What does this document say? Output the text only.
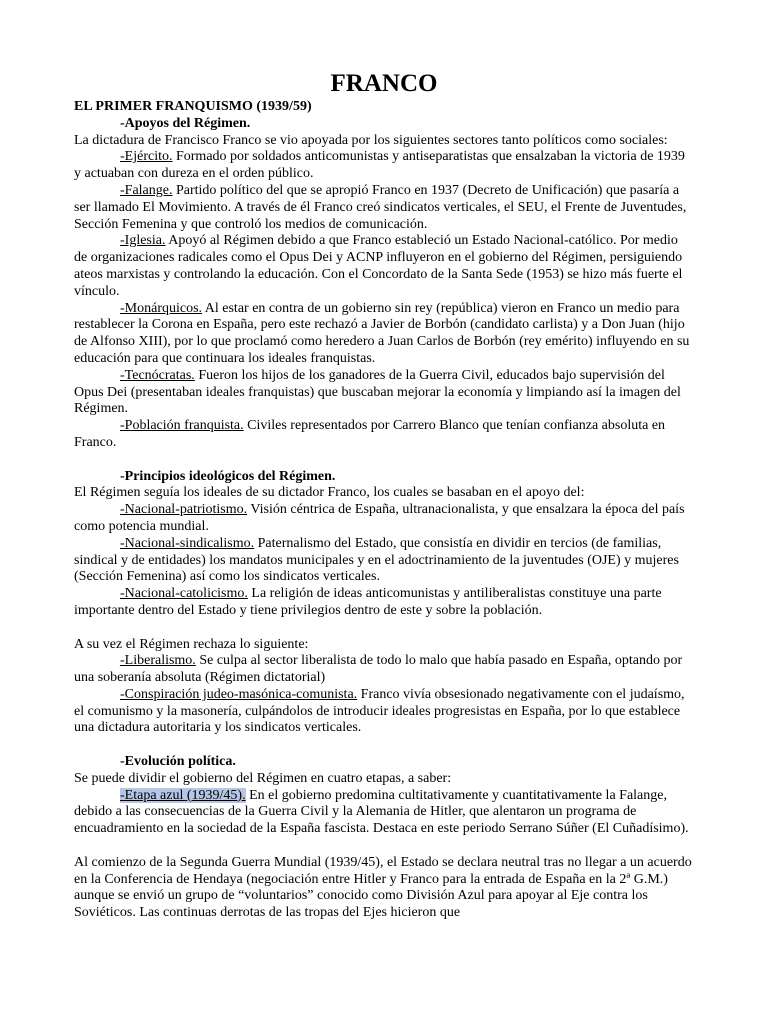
FRANCO

EL PRIMER FRANQUISMO (1939/59)

-Apoyos del Régimen.

La dictadura de Francisco Franco se vio apoyada por los siguientes sectores tanto políticos como sociales:

-Ejército. Formado por soldados anticomunistas y antiseparatistas que ensalzaban la victoria de 1939 y actuaban con dureza en el orden público.

-Falange. Partido político del que se apropió Franco en 1937 (Decreto de Unificación) que pasaría a ser llamado El Movimiento. A través de él Franco creó sindicatos verticales, el SEU, el Frente de Juventudes, Sección Femenina y que controló los medios de comunicación.

-Iglesia. Apoyó al Régimen debido a que Franco estableció un Estado Nacional-católico. Por medio de organizaciones radicales como el Opus Dei y ACNP influyeron en el gobierno del Régimen, persiguiendo ateos marxistas y controlando la educación. Con el Concordato de la Santa Sede (1953) se hizo más fuerte el vínculo.

-Monárquicos. Al estar en contra de un gobierno sin rey (república) vieron en Franco un medio para restablecer la Corona en España, pero este rechazó a Javier de Borbón (candidato carlista) y a Don Juan (hijo de Alfonso XIII), por lo que proclamó como heredero a Juan Carlos de Borbón (rey emérito) influyendo en su educación para que continuara los ideales franquistas.

-Tecnócratas. Fueron los hijos de los ganadores de la Guerra Civil, educados bajo supervisión del Opus Dei (presentaban ideales franquistas) que buscaban mejorar la economía y limpiando así la imagen del Régimen.

-Población franquista. Civiles representados por Carrero Blanco que tenían confianza absoluta en Franco.

-Principios ideológicos del Régimen.

El Régimen seguía los ideales de su dictador Franco, los cuales se basaban en el apoyo del:

-Nacional-patriotismo. Visión céntrica de España, ultranacionalista, y que ensalzara la época del país como potencia mundial.

-Nacional-sindicalismo. Paternalismo del Estado, que consistía en dividir en tercios (de familias, sindical y de entidades) los mandatos municipales y en el adoctrinamiento de la juventudes (OJE) y mujeres (Sección Femenina) así como los sindicatos verticales.

-Nacional-catolicismo. La religión de ideas anticomunistas y antiliberalistas constituye una parte importante dentro del Estado y tiene privilegios dentro de este y sobre la población.

A su vez el Régimen rechaza lo siguiente:

-Liberalismo. Se culpa al sector liberalista de todo lo malo que había pasado en España, optando por una soberanía absoluta (Régimen dictatorial)

-Conspiración judeo-masónica-comunista. Franco vivía obsesionado negativamente con el judaísmo, el comunismo y la masonería, culpándolos de introducir ideales progresistas en España, por lo que establece una dictadura autoritaria y los sindicatos verticales.

-Evolución política.

Se puede dividir el gobierno del Régimen en cuatro etapas, a saber:

-Etapa azul (1939/45). En el gobierno predomina cultitativamente y cuantitativamente la Falange, debido a las consecuencias de la Guerra Civil y la Alemania de Hitler, que alentaron un programa de encuadramiento en la sociedad de la España fascista. Destaca en este periodo Serrano Súñer (El Cuñadísimo).

Al comienzo de la Segunda Guerra Mundial (1939/45), el Estado se declara neutral tras no llegar a un acuerdo en la Conferencia de Hendaya (negociación entre Hitler y Franco para la entrada de España en la 2ª G.M.) aunque se envió un grupo de “voluntarios” conocido como División Azul para apoyar al Eje contra los Soviéticos. Las continuas derrotas de las tropas del Ejes hicieron que
